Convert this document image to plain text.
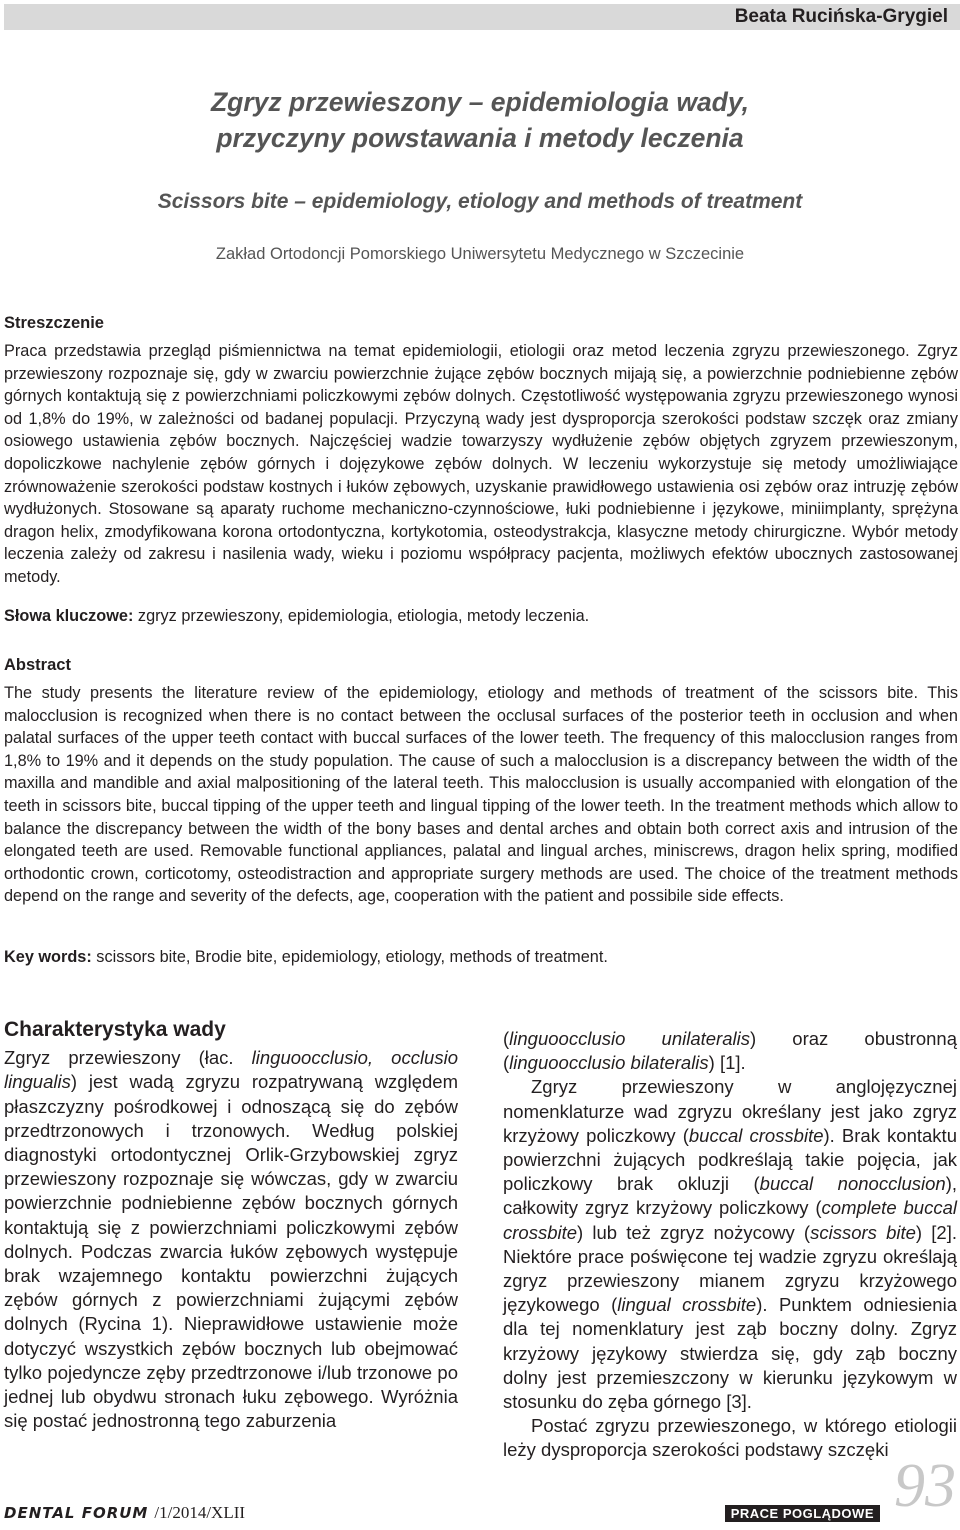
Beata Rucińska-Grygiel
Zgryz przewieszony – epidemiologia wady,
przyczyny powstawania i metody leczenia
Scissors bite – epidemiology, etiology and methods of treatment
Zakład Ortodoncji Pomorskiego Uniwersytetu Medycznego w Szczecinie
Streszczenie
Praca przedstawia przegląd piśmiennictwa na temat epidemiologii, etiologii oraz metod leczenia zgryzu przewieszonego. Zgryz przewieszony rozpoznaje się, gdy w zwarciu powierzchnie żujące zębów bocznych mijają się, a powierzchnie podniebienne zębów górnych kontaktują się z powierzchniami policzkowymi zębów dolnych. Częstotliwość występowania zgryzu przewieszonego wynosi od 1,8% do 19%, w zależności od badanej populacji. Przyczyną wady jest dysproporcja szerokości podstaw szczęk oraz zmiany osiowego ustawienia zębów bocznych. Najczęściej wadzie towarzyszy wydłużenie zębów objętych zgryzem przewieszonym, dopoliczkowe nachylenie zębów górnych i dojęzykowe zębów dolnych. W leczeniu wykorzystuje się metody umożliwiające zrównoważenie szerokości podstaw kostnych i łuków zębowych, uzyskanie prawidłowego ustawienia osi zębów oraz intruzję zębów wydłużonych. Stosowane są aparaty ruchome mechaniczno-czynnościowe, łuki podniebienne i językowe, miniimplanty, sprężyna dragon helix, zmodyfikowana korona ortodontyczna, kortykotomia, osteodystrakcja, klasyczne metody chirurgiczne. Wybór metody leczenia zależy od zakresu i nasilenia wady, wieku i poziomu współpracy pacjenta, możliwych efektów ubocznych zastosowanej metody.
Słowa kluczowe: zgryz przewieszony, epidemiologia, etiologia, metody leczenia.
Abstract
The study presents the literature review of the epidemiology, etiology and methods of treatment of the scissors bite. This malocclusion is recognized when there is no contact between the occlusal surfaces of the posterior teeth in occlusion and when palatal surfaces of the upper teeth contact with buccal surfaces of the lower teeth. The frequency of this malocclusion ranges from 1,8% to 19% and it depends on the study population. The cause of such a malocclusion is a discrepancy between the width of the maxilla and mandible and axial malpositioning of the lateral teeth. This malocclusion is usually accompanied with elongation of the teeth in scissors bite, buccal tipping of the upper teeth and lingual tipping of the lower teeth. In the treatment methods which allow to balance the discrepancy between the width of the bony bases and dental arches and obtain both correct axis and intrusion of the elongated teeth are used. Removable functional appliances, palatal and lingual arches, miniscrews, dragon helix spring, modified orthodontic crown, corticotomy, osteodistraction and appropriate surgery methods are used. The choice of the treatment methods depend on the range and severity of the defects, age, cooperation with the patient and possibile side effects.
Key words: scissors bite, Brodie bite, epidemiology, etiology, methods of treatment.
Charakterystyka wady

Zgryz przewieszony (łac. linguoocclusio, occlusio lingualis) jest wadą zgryzu rozpatrywaną względem płaszczyzny pośrodkowej i odnoszącą się do zębów przedtrzonowych i trzonowych. Według polskiej diagnostyki ortodontycznej Orlik-Grzybowskiej zgryz przewieszony rozpoznaje się wówczas, gdy w zwarciu powierzchnie podniebienne zębów bocznych górnych kontaktują się z powierzchniami policzkowymi zębów dolnych. Podczas zwarcia łuków zębowych występuje brak wzajemnego kontaktu powierzchni żujących zębów górnych z powierzchniami żującymi zębów dolnych (Rycina 1). Nieprawidłowe ustawienie może dotyczyć wszystkich zębów bocznych lub obejmować tylko pojedyncze zęby przedtrzonowe i/lub trzonowe po jednej lub obydwu stronach łuku zębowego. Wyróżnia się postać jednostronną tego zaburzenia

(linguoocclusio unilateralis) oraz obustronną (linguoocclusio bilateralis) [1].

Zgryz przewieszony w anglojęzycznej nomenklaturze wad zgryzu określany jest jako zgryz krzyżowy policzkowy (buccal crossbite). Brak kontaktu powierzchni żujących podkreślają takie pojęcia, jak policzkowy brak okluzji (buccal nonocclusion), całkowity zgryz krzyżowy policzkowy (complete buccal crossbite) lub też zgryz nożycowy (scissors bite) [2]. Niektóre prace poświęcone tej wadzie zgryzu określają zgryz przewieszony mianem zgryzu krzyżowego językowego (lingual crossbite). Punktem odniesienia dla tej nomenklatury jest ząb boczny dolny. Zgryz krzyżowy językowy stwierdza się, gdy ząb boczny dolny jest przemieszczony w kierunku językowym w stosunku do zęba górnego [3].

Postać zgryzu przewieszonego, w którego etiologii leży dysproporcja szerokości podstawy szczęki

DENTAL FORUM /1/2014/XLII	PRACE POGLĄDOWE 93
